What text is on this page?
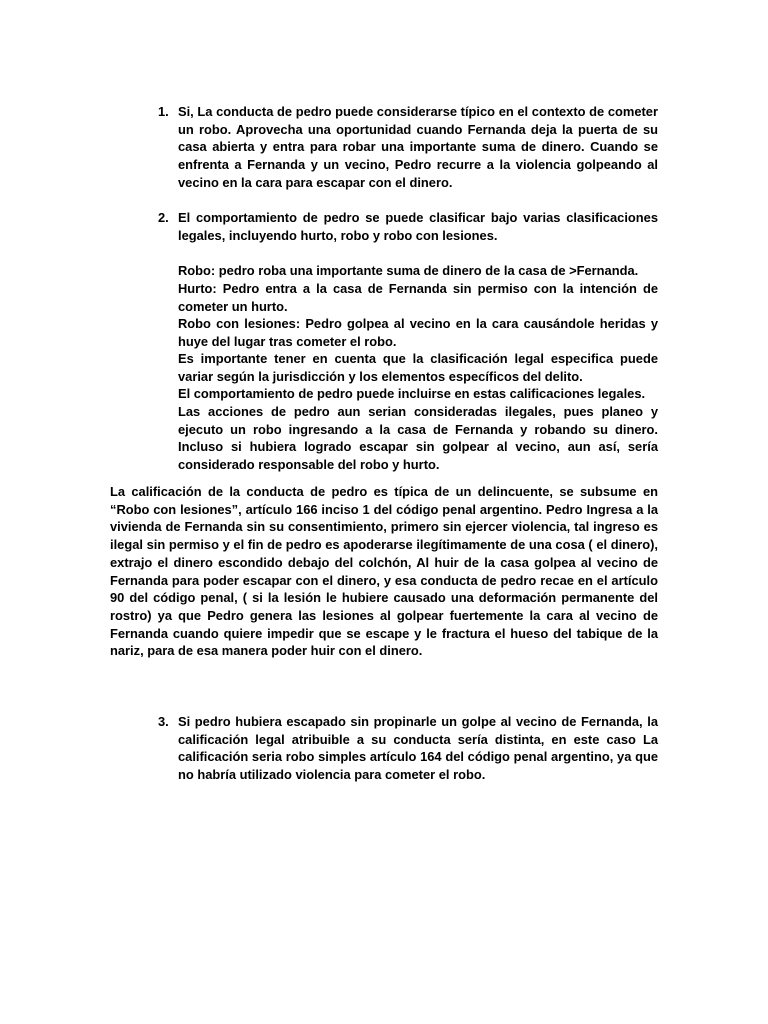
1. Si, La conducta de pedro puede considerarse típico en el contexto de cometer un robo. Aprovecha una oportunidad cuando Fernanda deja la puerta de su casa abierta y entra para robar una importante suma de dinero. Cuando se enfrenta a Fernanda y un vecino, Pedro recurre a la violencia golpeando al vecino en la cara para escapar con el dinero.

2. El comportamiento de pedro se puede clasificar bajo varias clasificaciones legales, incluyendo hurto, robo y robo con lesiones.

Robo: pedro roba una importante suma de dinero de la casa de >Fernanda.

Hurto: Pedro entra a la casa de Fernanda sin permiso con la intención de cometer un hurto.

Robo con lesiones: Pedro golpea al vecino en la cara causándole heridas y huye del lugar tras cometer el robo.

Es importante tener en cuenta que la clasificación legal especifica puede variar según la jurisdicción y los elementos específicos del delito.

El comportamiento de pedro puede incluirse en estas calificaciones legales.

Las acciones de pedro aun serian consideradas ilegales, pues planeo y ejecuto un robo ingresando a la casa de Fernanda y robando su dinero. Incluso si hubiera logrado escapar sin golpear al vecino, aun así, sería considerado responsable del robo y hurto.

La calificación de la conducta de pedro es típica de un delincuente, se subsume en “Robo con lesiones”, artículo 166 inciso 1 del código penal argentino. Pedro Ingresa a la vivienda de Fernanda sin su consentimiento, primero sin ejercer violencia, tal ingreso es ilegal sin permiso y el fin de pedro es apoderarse ilegítimamente de una cosa ( el dinero), extrajo el dinero escondido debajo del colchón, Al huir de la casa golpea al vecino de Fernanda para poder escapar con el dinero, y esa conducta de pedro recae en el artículo 90 del código penal, ( si la lesión le hubiere causado una deformación permanente del rostro) ya que Pedro genera las lesiones al golpear fuertemente la cara al vecino de Fernanda cuando quiere impedir que se escape y le fractura el hueso del tabique de la nariz, para de esa manera poder huir con el dinero.

3. Si pedro hubiera escapado sin propinarle un golpe al vecino de Fernanda, la calificación legal atribuible a su conducta sería distinta, en este caso La calificación seria robo simples artículo 164 del código penal argentino, ya que no habría utilizado violencia para cometer el robo.
